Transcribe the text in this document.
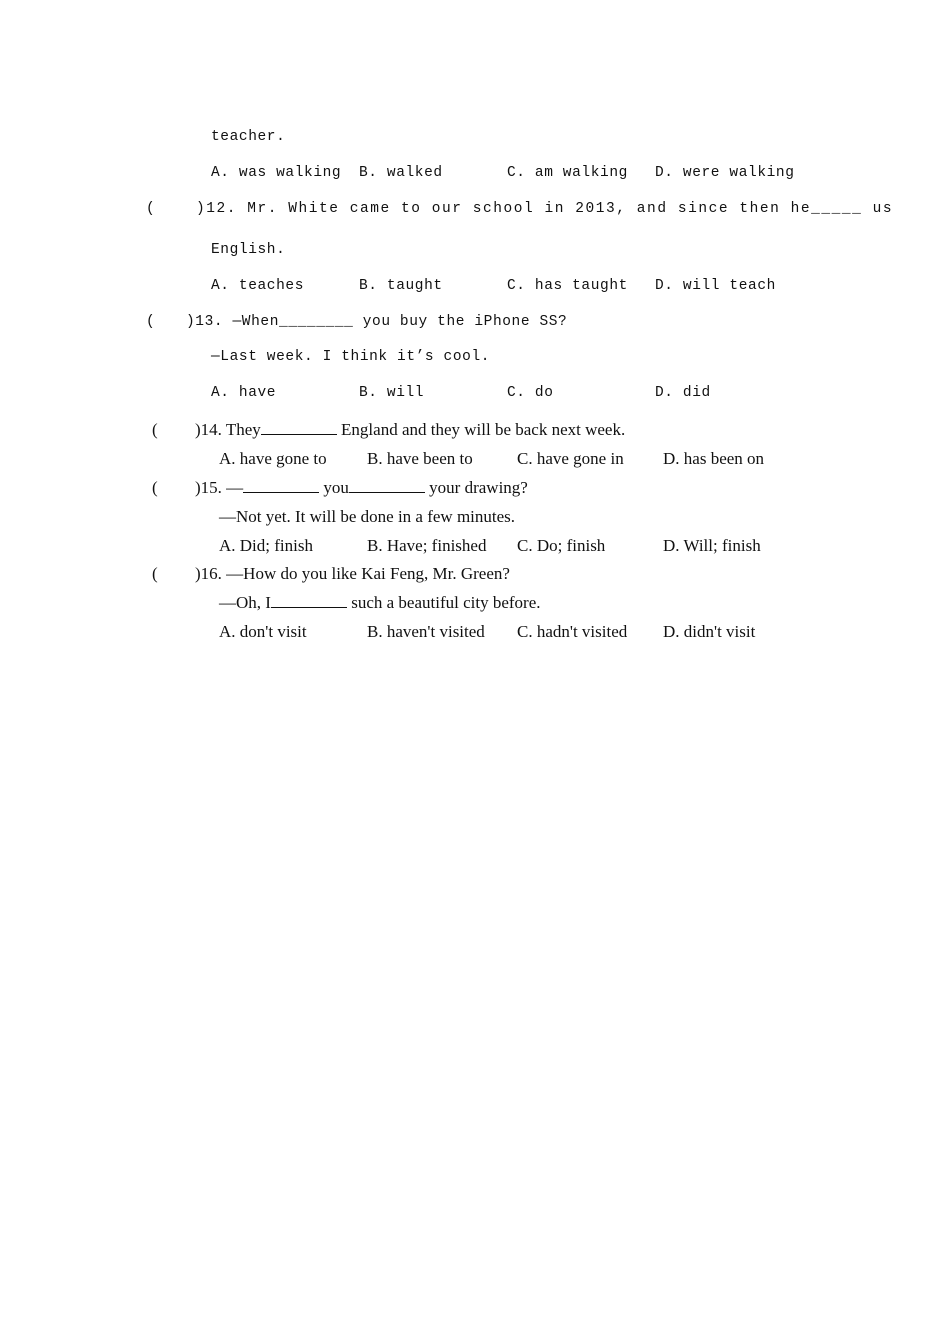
teacher.
A. was walking B. walked	C. am walking D. were walking
(	)12. Mr. White came to our school in 2013, and since then he_____ us
English.
A. teaches	B. taught	C. has taught D. will teach
( )13. —When________ you buy the iPhone SS?
—Last week. I think it’s cool.
A. have	B. will	C. do	D. did
( )14. They	England and they will be back next week.
A. have gone to B. have been to	C. have gone in D. has been on
( )15. —	you	your drawing?
—Not yet. It will be done in a few minutes.
A. Did; finish	B. Have; finished C. Do; finish	D. Will; finish
( )16. —How do you like Kai Feng, Mr. Green?
—Oh, I	such a beautiful city before.
A. don't visit	B. haven't visited C. hadn't visited D. didn't visit
